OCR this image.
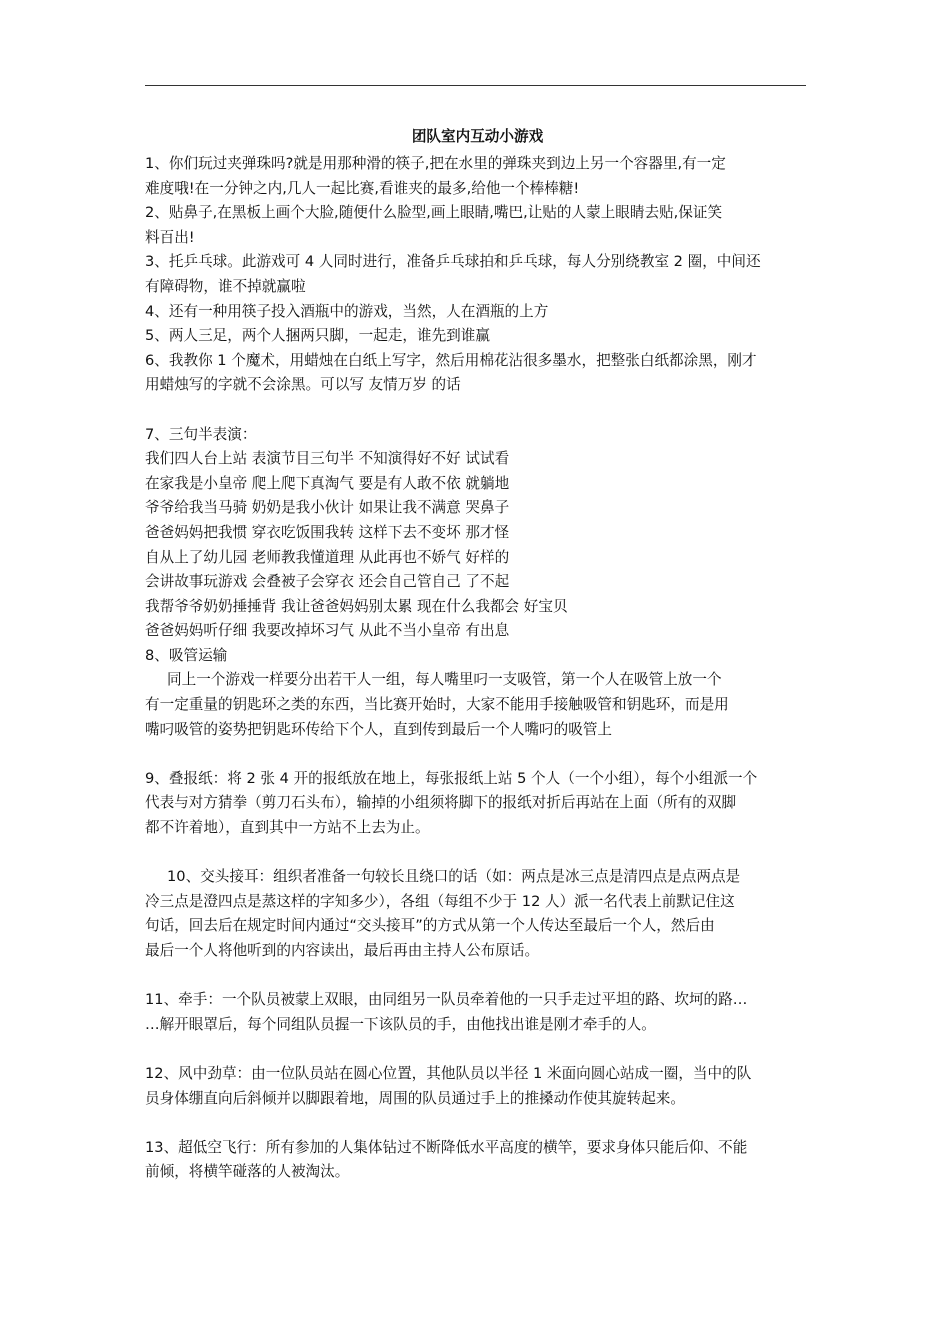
团队室内互动小游戏
1、你们玩过夹弹珠吗?就是用那种滑的筷子,把在水里的弹珠夹到边上另一个容器里,有一定
难度哦!在一分钟之内,几人一起比赛,看谁夹的最多,给他一个棒棒糖!
2、贴鼻子,在黑板上画个大脸,随便什么脸型,画上眼睛,嘴巴,让贴的人蒙上眼睛去贴,保证笑
料百出!
3、托乒乓球。此游戏可 4 人同时进行，准备乒乓球拍和乒乓球，每人分别绕教室 2 圈，中间还
有障碍物，谁不掉就赢啦
4、还有一种用筷子投入酒瓶中的游戏，当然，人在酒瓶的上方
5、两人三足，两个人捆两只脚，一起走，谁先到谁赢
6、我教你 1 个魔术，用蜡烛在白纸上写字，然后用棉花沾很多墨水，把整张白纸都涂黑，刚才
用蜡烛写的字就不会涂黑。可以写 友情万岁 的话
7、三句半表演：
我们四人台上站 表演节目三句半 不知演得好不好 试试看
在家我是小皇帝 爬上爬下真淘气 要是有人敢不依 就躺地
爷爷给我当马骑 奶奶是我小伙计 如果让我不满意 哭鼻子
爸爸妈妈把我惯 穿衣吃饭围我转 这样下去不变坏 那才怪
自从上了幼儿园 老师教我懂道理 从此再也不娇气 好样的
会讲故事玩游戏 会叠被子会穿衣 还会自己管自己 了不起
我帮爷爷奶奶捶捶背 我让爸爸妈妈别太累 现在什么我都会 好宝贝
爸爸妈妈听仔细 我要改掉坏习气 从此不当小皇帝 有出息
8、吸管运输
同上一个游戏一样要分出若干人一组，每人嘴里叼一支吸管，第一个人在吸管上放一个
有一定重量的钥匙环之类的东西，当比赛开始时，大家不能用手接触吸管和钥匙环，而是用
嘴叼吸管的姿势把钥匙环传给下个人，直到传到最后一个人嘴叼的吸管上
9、叠报纸：将 2 张 4 开的报纸放在地上，每张报纸上站 5 个人（一个小组），每个小组派一个
代表与对方猜拳（剪刀石头布），输掉的小组须将脚下的报纸对折后再站在上面（所有的双脚
都不许着地），直到其中一方站不上去为止。
10、交头接耳：组织者准备一句较长且绕口的话（如：两点是冰三点是清四点是点两点是
冷三点是澄四点是蒸这样的字知多少），各组（每组不少于 12 人）派一名代表上前默记住这
句话，回去后在规定时间内通过“交头接耳”的方式从第一个人传达至最后一个人，然后由
最后一个人将他听到的内容读出，最后再由主持人公布原话。
11、牵手：一个队员被蒙上双眼，由同组另一队员牵着他的一只手走过平坦的路、坎坷的路…
…解开眼罩后，每个同组队员握一下该队员的手，由他找出谁是刚才牵手的人。
12、风中劲草：由一位队员站在圆心位置，其他队员以半径 1 米面向圆心站成一圈，当中的队
员身体绷直向后斜倾并以脚跟着地，周围的队员通过手上的推搡动作使其旋转起来。
13、超低空飞行：所有参加的人集体钻过不断降低水平高度的横竿，要求身体只能后仰、不能
前倾，将横竿碰落的人被淘汰。
